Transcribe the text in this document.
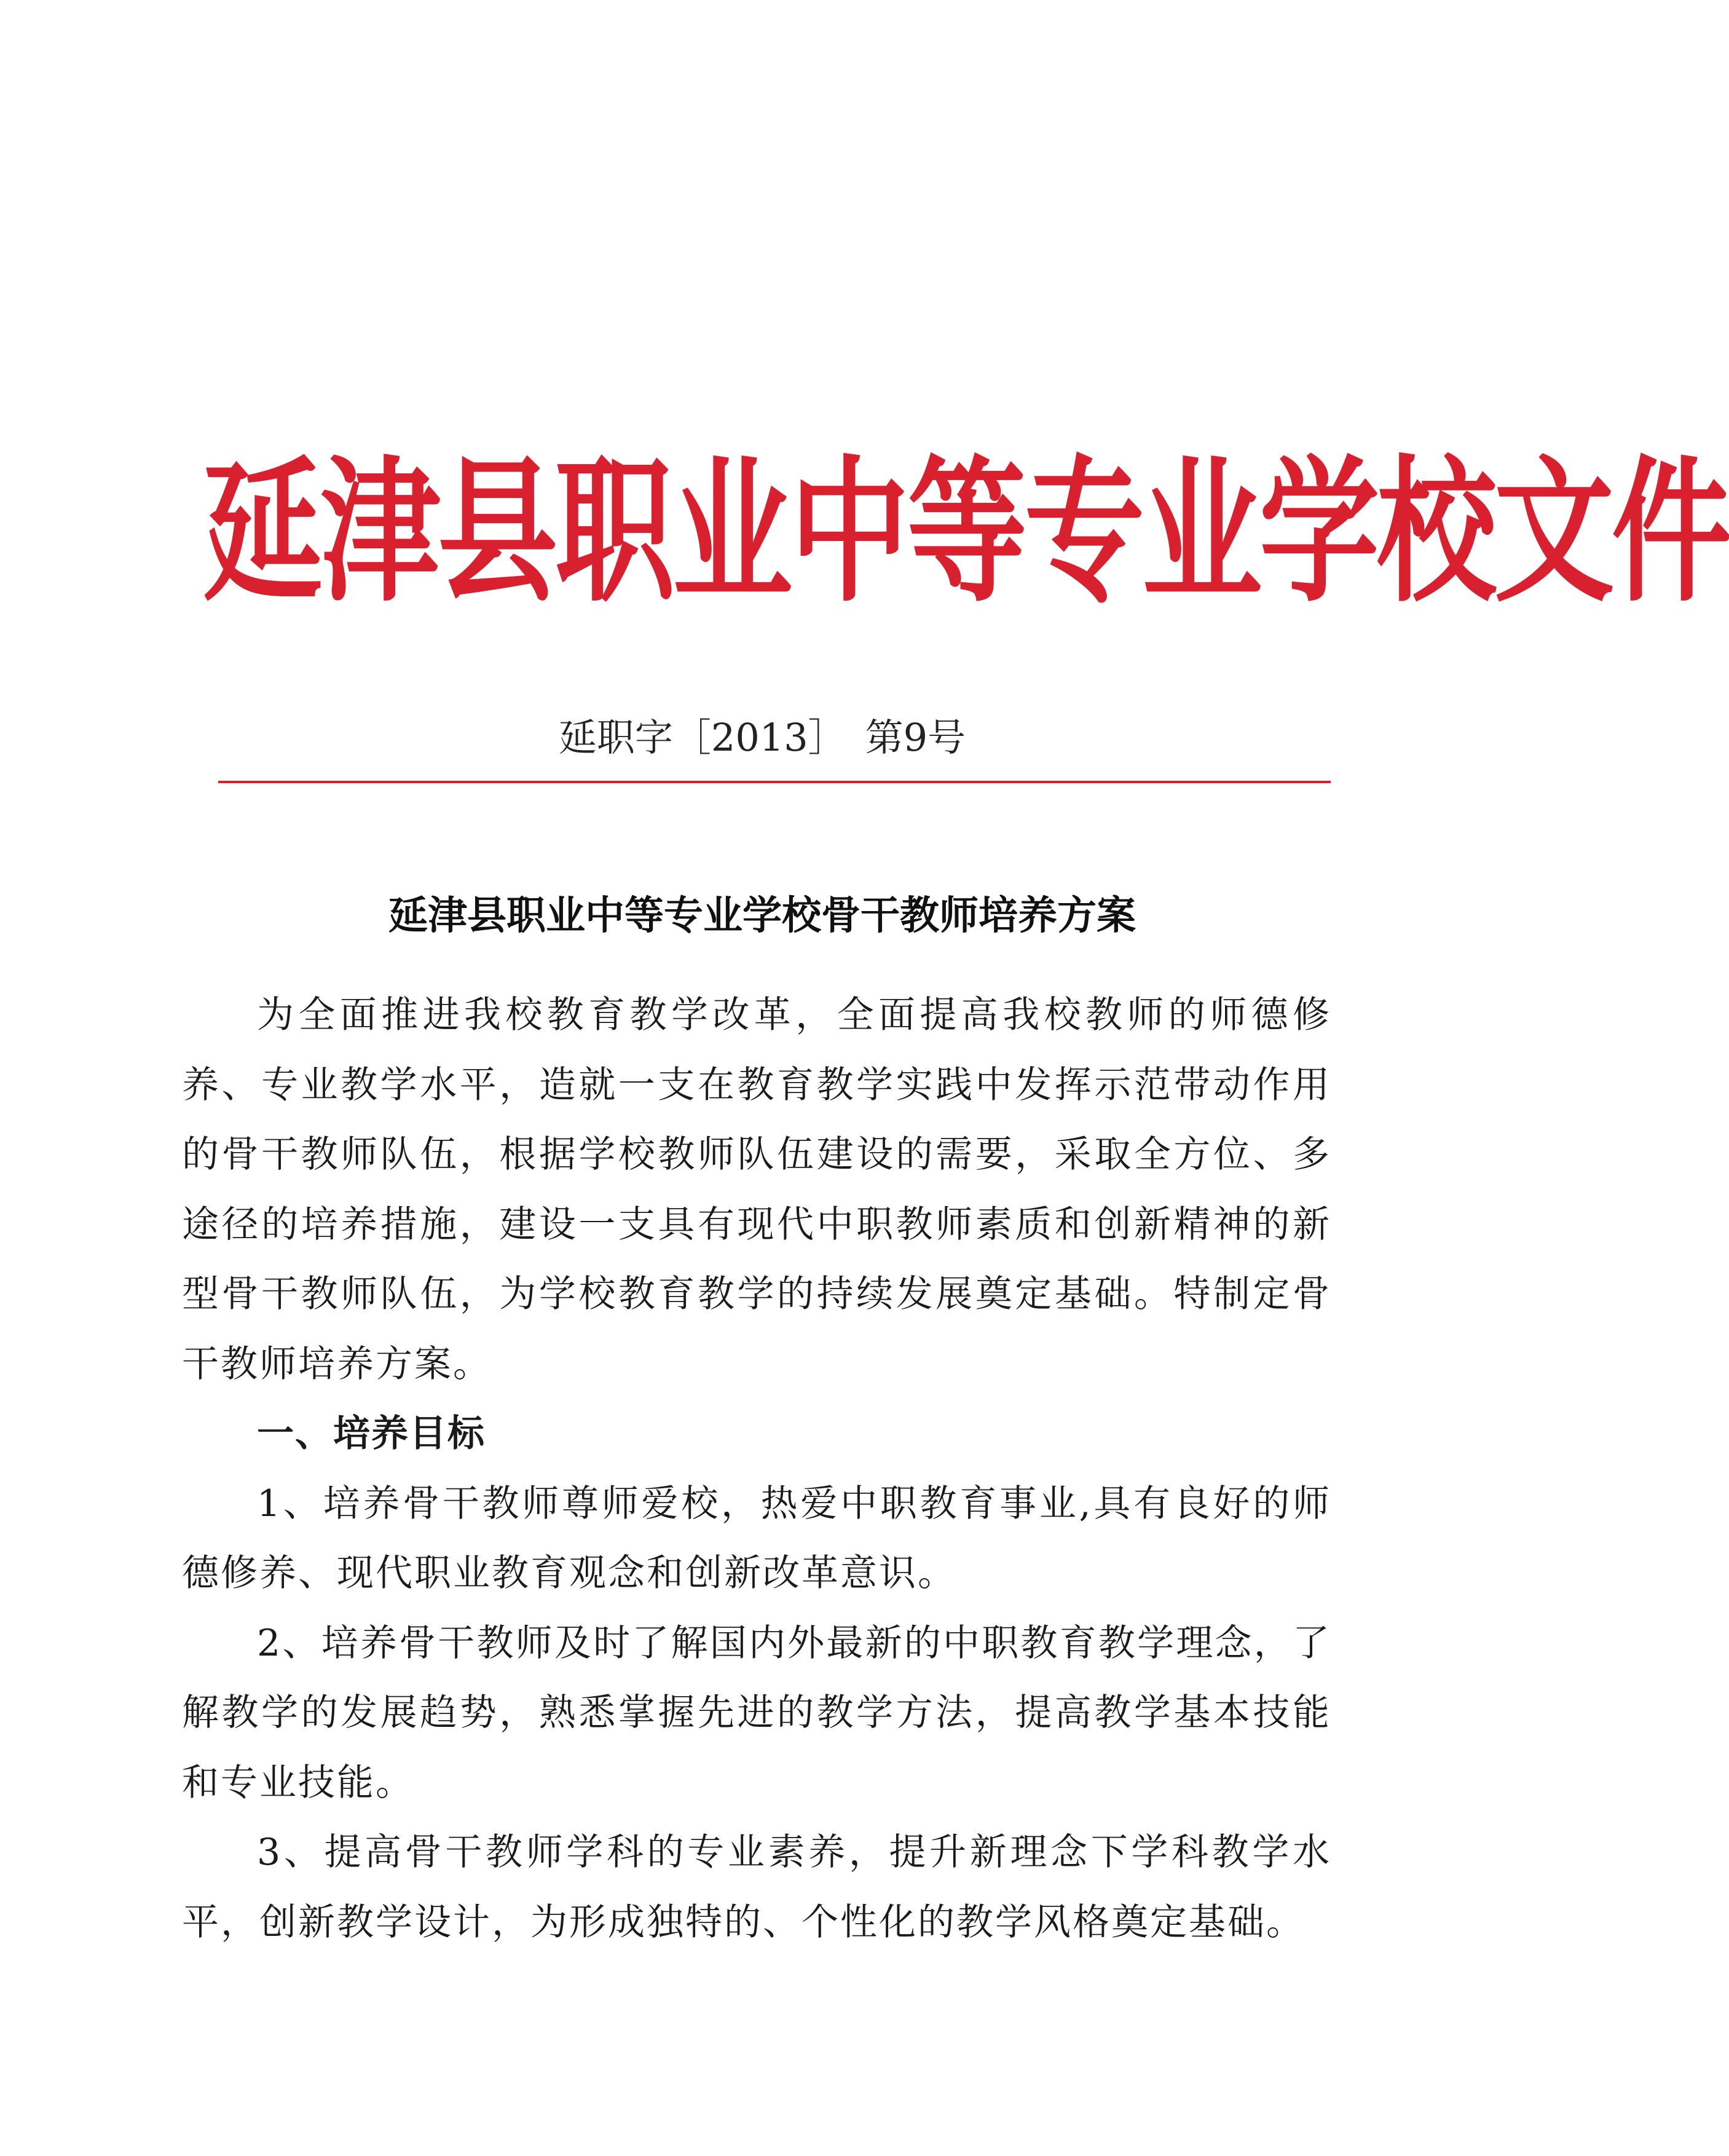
延津县职业中等专业学校文件
延职字［2013］　第9号
延津县职业中等专业学校骨干教师培养方案

为全面推进我校教育教学改革，全面提高我校教师的师德修养、专业教学水平，造就一支在教育教学实践中发挥示范带动作用的骨干教师队伍，根据学校教师队伍建设的需要，采取全方位、多途径的培养措施，建设一支具有现代中职教师素质和创新精神的新型骨干教师队伍，为学校教育教学的持续发展奠定基础。特制定骨干教师培养方案。

一、培养目标

1、培养骨干教师尊师爱校，热爱中职教育事业,具有良好的师德修养、现代职业教育观念和创新改革意识。

2、培养骨干教师及时了解国内外最新的中职教育教学理念，了解教学的发展趋势，熟悉掌握先进的教学方法，提高教学基本技能和专业技能。

3、提高骨干教师学科的专业素养，提升新理念下学科教学水平，创新教学设计，为形成独特的、个性化的教学风格奠定基础。
